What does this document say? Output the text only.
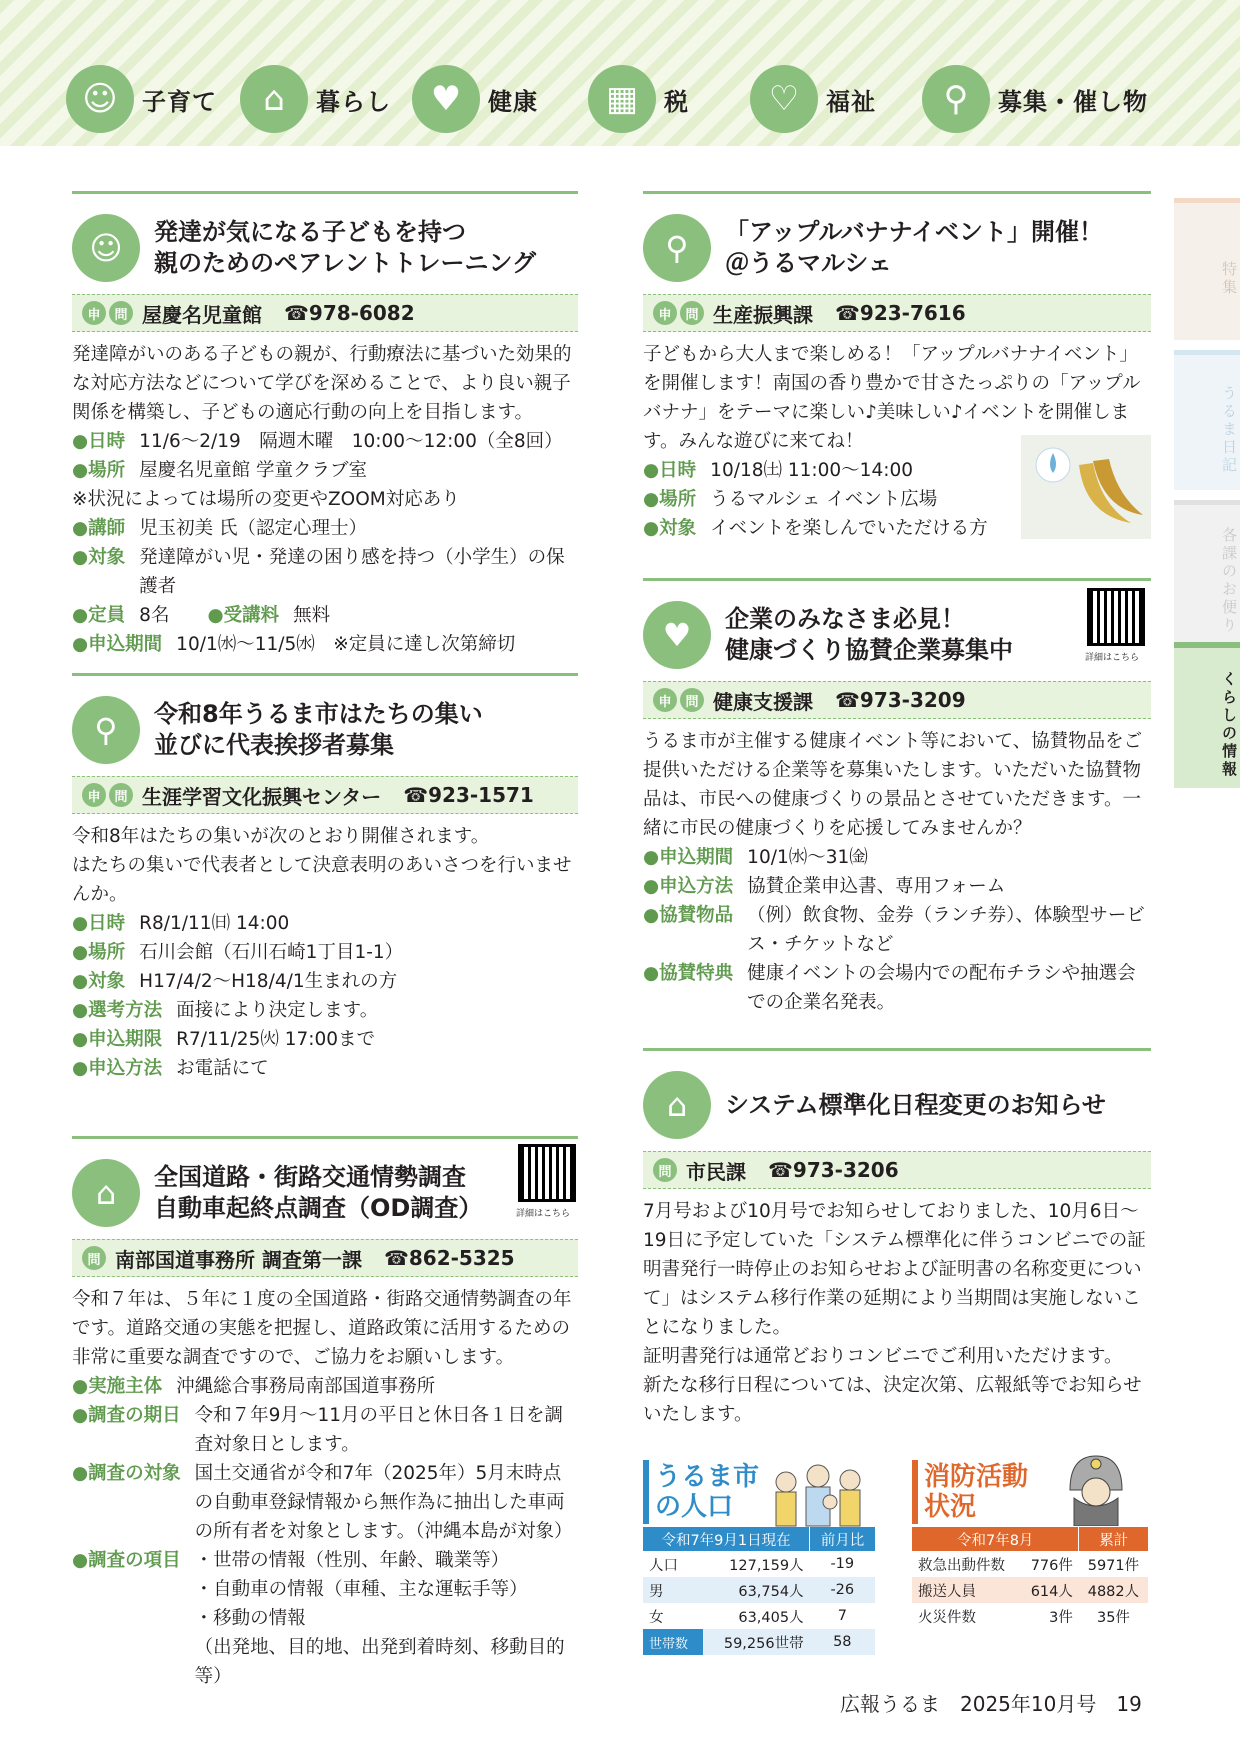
☺	子育て	⌂	暮らし	♥	健康	▦	税	♡	福祉	⚲	募集・催し物
特集
うるま日記
各課のお便り
くらしの情報
☺	発達が気になる子どもを持つ
親のためのペアレントトレーニング
申	問 屋慶名児童館 ☎978-6082

発達障がいのある子どもの親が、行動療法に基づいた効果的な対応方法などについて学びを深めることで、より良い親子関係を構築し、子どもの適応行動の向上を目指します。

● 日時 11/6〜2/19　隔週木曜　10:00〜12:00（全8回）
● 場所 屋慶名児童館 学童クラブ室

※状況によっては場所の変更やZOOM対応あり

● 講師 児玉初美 氏（認定心理士）
● 対象 発達障がい児・発達の困り感を持つ（小学生）の保護者
● 定員 8名	● 受講料 無料
● 申込期間 10/1㈬〜11/5㈬　※定員に達し次第締切
⚲	令和8年うるま市はたちの集い
並びに代表挨拶者募集
申	問 生涯学習文化振興センター ☎923-1571

令和8年はたちの集いが次のとおり開催されます。

はたちの集いで代表者として決意表明のあいさつを行いませんか。

● 日時 R8/1/11㈰ 14:00
● 場所 石川会館（石川石崎1丁目1-1）
● 対象 H17/4/2〜H18/4/1生まれの方
● 選考方法 面接により決定します。
● 申込期限 R7/11/25㈫ 17:00まで
● 申込方法 お電話にて
⌂	全国道路・街路交通情勢調査
自動車起終点調査（OD調査）	詳細はこちら
問 南部国道事務所 調査第一課 ☎862-5325

令和７年は、５年に１度の全国道路・街路交通情勢調査の年です。道路交通の実態を把握し、道路政策に活用するための非常に重要な調査ですので、ご協力をお願いします。

● 実施主体 沖縄総合事務局南部国道事務所
● 調査の期日 令和７年9月〜11月の平日と休日各１日を調査対象日とします。
● 調査の対象 国土交通省が令和7年（2025年）5月末時点の自動車登録情報から無作為に抽出した車両の所有者を対象とします。（沖縄本島が対象）
● 調査の項目 ・世帯の情報（性別、年齢、職業等）
・自動車の情報（車種、主な運転手等）
・移動の情報
（出発地、目的地、出発到着時刻、移動目的等）
⚲	「アップルバナナイベント」開催！
＠うるマルシェ
申	問 生産振興課 ☎923-7616

子どもから大人まで楽しめる！「アップルバナナイベント」を開催します！南国の香り豊かで甘さたっぷりの「アップルバナナ」をテーマに楽しい♪美味しい♪イベントを開催します。みんな遊びに来てね！

● 日時 10/18㈯ 11:00〜14:00
● 場所 うるマルシェ イベント広場
● 対象 イベントを楽しんでいただける方
♥	企業のみなさま必見！
健康づくり協賛企業募集中	詳細はこちら
申	問 健康支援課 ☎973-3209

うるま市が主催する健康イベント等において、協賛物品をご提供いただける企業等を募集いたします。いただいた協賛物品は、市民への健康づくりの景品とさせていただきます。一緒に市民の健康づくりを応援してみませんか？

● 申込期間 10/1㈬〜31㈮
● 申込方法 協賛企業申込書、専用フォーム
● 協賛物品 （例）飲食物、金券（ランチ券）、体験型サービス・チケットなど
● 協賛特典 健康イベントの会場内での配布チラシや抽選会での企業名発表。
⌂	システム標準化日程変更のお知らせ
問 市民課 ☎973-3206

7月号および10月号でお知らせしておりました、10月6日〜19日に予定していた「システム標準化に伴うコンビニでの証明書発行一時停止のお知らせおよび証明書の名称変更について」はシステム移行作業の延期により当期間は実施しないことになりました。

証明書発行は通常どおりコンビニでご利用いただけます。

新たな移行日程については、決定次第、広報紙等でお知らせいたします。

うるま市
の人口
令和7年9月1日現在		前月比
人口	127,159人	-19
男	63,754人	-26
女	63,405人	7
世帯数	59,256世帯	58
消防活動
状況
令和7年8月		累計
救急出動件数	776件	5971件
搬送人員	614人	4882人
火災件数	3件	35件
広報うるま　2025年10月号　19
